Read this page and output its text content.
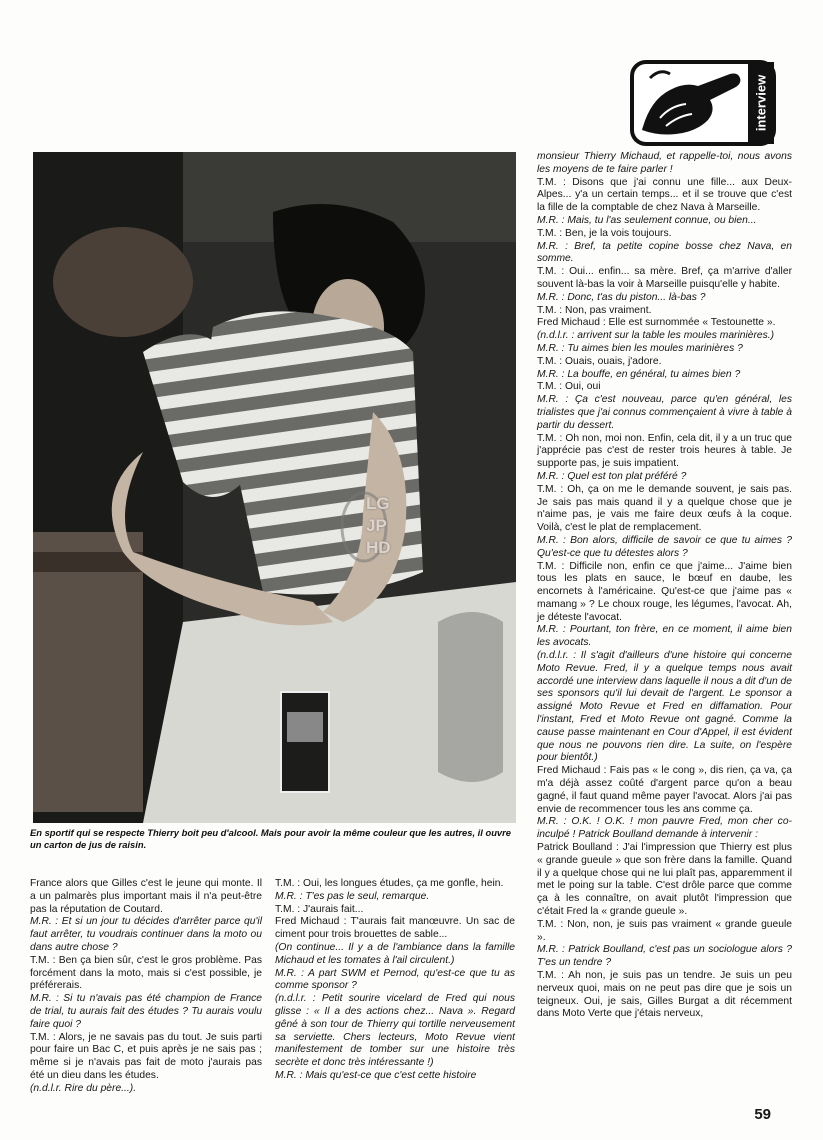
interview
LG
JP
HD
En sportif qui se respecte Thierry boit peu d'alcool. Mais pour avoir la même couleur que les autres, il ouvre un carton de jus de raisin.

France alors que Gilles c'est le jeune qui monte. Il a un palmarès plus important mais il n'a peut-être pas la réputation de Coutard.

M.R. : Et si un jour tu décides d'arrêter parce qu'il faut arrêter, tu voudrais continuer dans la moto ou dans autre chose ?

T.M. : Ben ça bien sûr, c'est le gros problème. Pas forcément dans la moto, mais si c'est possible, je préférerais.

M.R. : Si tu n'avais pas été champion de France de trial, tu aurais fait des études ? Tu aurais voulu faire quoi ?

T.M. : Alors, je ne savais pas du tout. Je suis parti pour faire un Bac C, et puis après je ne sais pas ; même si je n'avais pas fait de moto j'aurais pas été un dieu dans les études.

(n.d.l.r. Rire du père...).

T.M. : Oui, les longues études, ça me gonfle, hein.

M.R. : T'es pas le seul, remarque.

T.M. : J'aurais fait...

Fred Michaud : T'aurais fait manœuvre. Un sac de ciment pour trois brouettes de sable...

(On continue... Il y a de l'ambiance dans la famille Michaud et les tomates à l'ail circulent.)

M.R. : A part SWM et Pernod, qu'est-ce que tu as comme sponsor ?

(n.d.l.r. : Petit sourire vicelard de Fred qui nous glisse : « Il a des actions chez... Nava ». Regard gêné à son tour de Thierry qui tortille nerveusement sa serviette. Chers lecteurs, Moto Revue vient manifestement de tomber sur une histoire très secrète et donc très intéressante !)

M.R. : Mais qu'est-ce que c'est cette histoire

monsieur Thierry Michaud, et rappelle-toi, nous avons les moyens de te faire parler !

T.M. : Disons que j'ai connu une fille... aux Deux-Alpes... y'a un certain temps... et il se trouve que c'est la fille de la comptable de chez Nava à Marseille.

M.R. : Mais, tu l'as seulement connue, ou bien...

T.M. : Ben, je la vois toujours.

M.R. : Bref, ta petite copine bosse chez Nava, en somme.

T.M. : Oui... enfin... sa mère. Bref, ça m'arrive d'aller souvent là-bas la voir à Marseille puisqu'elle y habite.

M.R. : Donc, t'as du piston... là-bas ?

T.M. : Non, pas vraiment.

Fred Michaud : Elle est surnommée « Testounette ».

(n.d.l.r. : arrivent sur la table les moules marinières.)

M.R. : Tu aimes bien les moules marinières ?

T.M. : Ouais, ouais, j'adore.

M.R. : La bouffe, en général, tu aimes bien ?

T.M. : Oui, oui

M.R. : Ça c'est nouveau, parce qu'en général, les trialistes que j'ai connus commençaient à vivre à table à partir du dessert.

T.M. : Oh non, moi non. Enfin, cela dit, il y a un truc que j'apprécie pas c'est de rester trois heures à table. Je supporte pas, je suis impatient.

M.R. : Quel est ton plat préféré ?

T.M. : Oh, ça on me le demande souvent, je sais pas. Je sais pas mais quand il y a quelque chose que je n'aime pas, je vais me faire deux œufs à la coque. Voilà, c'est le plat de remplacement.

M.R. : Bon alors, difficile de savoir ce que tu aimes ? Qu'est-ce que tu détestes alors ?

T.M. : Difficile non, enfin ce que j'aime... J'aime bien tous les plats en sauce, le bœuf en daube, les encornets à l'américaine. Qu'est-ce que j'aime pas « mamang » ? Le choux rouge, les légumes, l'avocat. Ah, je déteste l'avocat.

M.R. : Pourtant, ton frère, en ce moment, il aime bien les avocats.

(n.d.l.r. : Il s'agit d'ailleurs d'une histoire qui concerne Moto Revue. Fred, il y a quelque temps nous avait accordé une interview dans laquelle il nous a dit d'un de ses sponsors qu'il lui devait de l'argent. Le sponsor a assigné Moto Revue et Fred en diffamation. Pour l'instant, Fred et Moto Revue ont gagné. Comme la cause passe maintenant en Cour d'Appel, il est évident que nous ne pouvons rien dire. La suite, on l'espère pour bientôt.)

Fred Michaud : Fais pas « le cong », dis rien, ça va, ça m'a déjà assez coûté d'argent parce qu'on a beau gagné, il faut quand même payer l'avocat. Alors j'ai pas envie de recommencer tous les ans comme ça.

M.R. : O.K. ! O.K. ! mon pauvre Fred, mon cher co-inculpé ! Patrick Boulland demande à intervenir :

Patrick Boulland : J'ai l'impression que Thierry est plus « grande gueule » que son frère dans la famille. Quand il y a quelque chose qui ne lui plaît pas, apparemment il met le poing sur la table. C'est drôle parce que comme ça à les connaître, on avait plutôt l'impression que c'était Fred la « grande gueule ».

T.M. : Non, non, je suis pas vraiment « grande gueule ».

M.R. : Patrick Boulland, c'est pas un sociologue alors ? T'es un tendre ?

T.M. : Ah non, je suis pas un tendre. Je suis un peu nerveux quoi, mais on ne peut pas dire que je sois un teigneux. Oui, je sais, Gilles Burgat a dit récemment dans Moto Verte que j'étais nerveux,

59
